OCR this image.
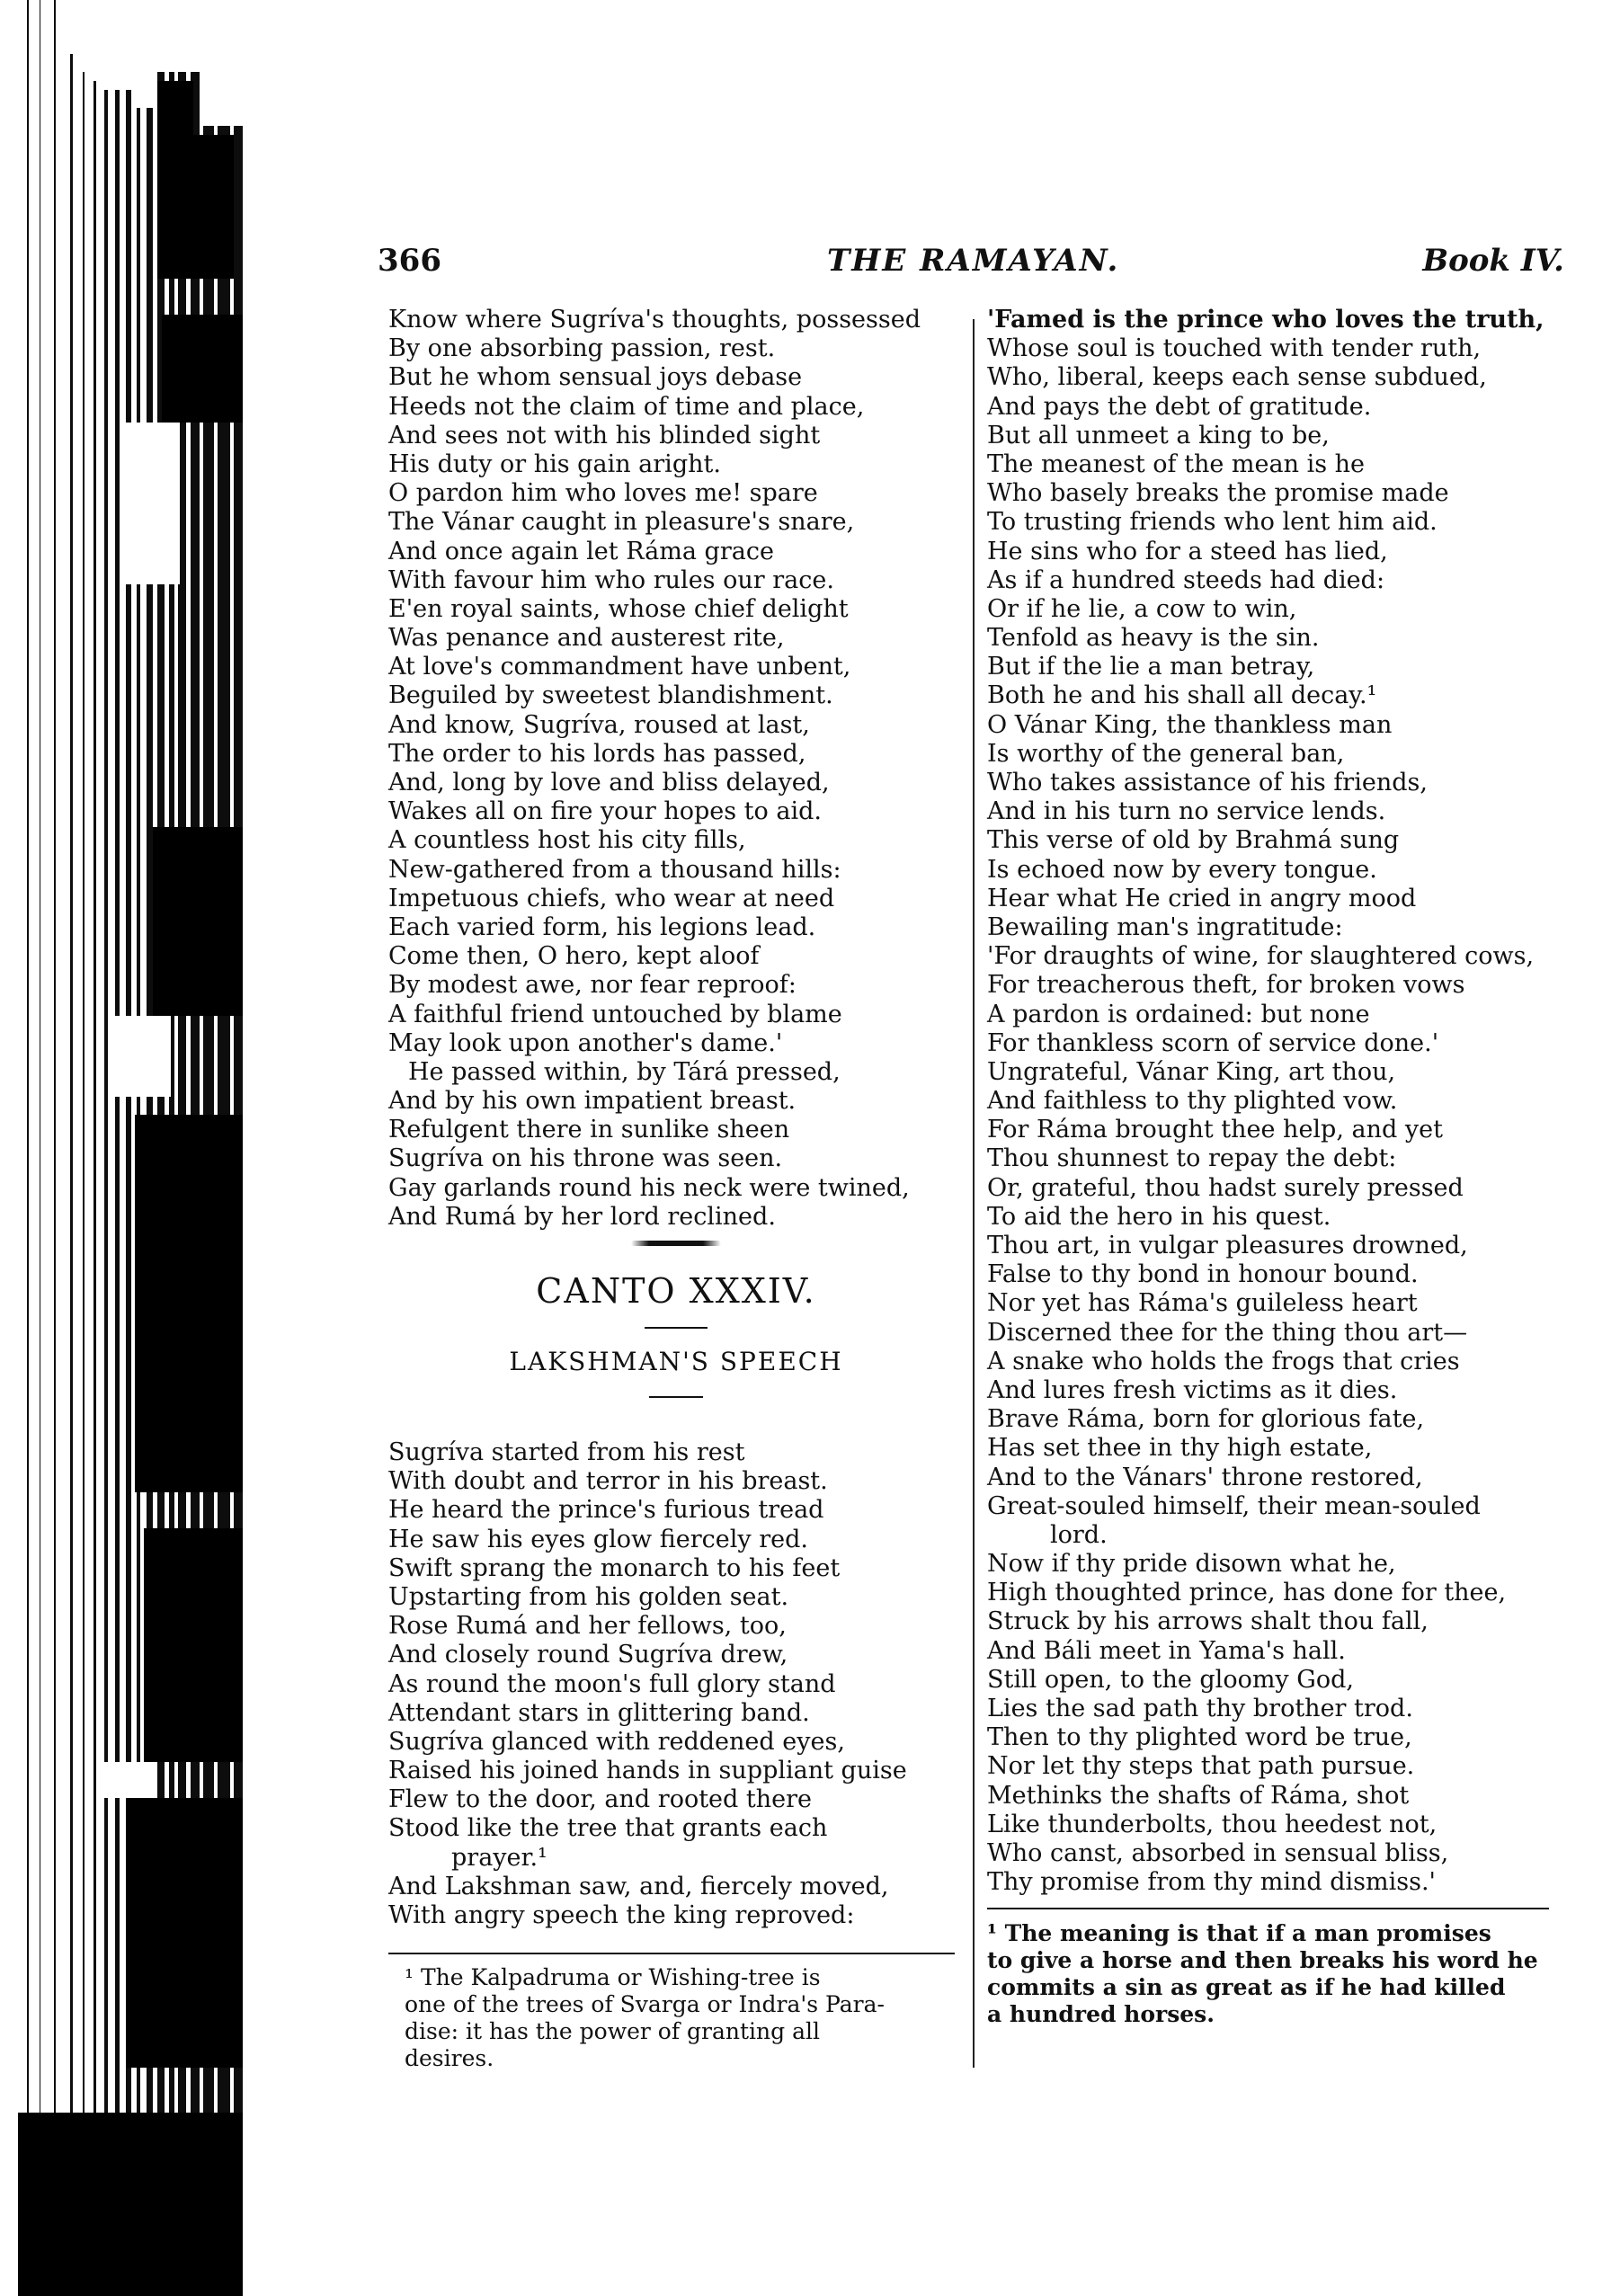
366	THE RAMAYAN.	Book IV.
Know where Sugríva's thoughts, possessed
By one absorbing passion, rest.
But he whom sensual joys debase
Heeds not the claim of time and place,
And sees not with his blinded sight
His duty or his gain aright.
O pardon him who loves me! spare
The Vánar caught in pleasure's snare,
And once again let Ráma grace
With favour him who rules our race.
E'en royal saints, whose chief delight
Was penance and austerest rite,
At love's commandment have unbent,
Beguiled by sweetest blandishment.
And know, Sugríva, roused at last,
The order to his lords has passed,
And, long by love and bliss delayed,
Wakes all on fire your hopes to aid.
A countless host his city fills,
New-gathered from a thousand hills:
Impetuous chiefs, who wear at need
Each varied form, his legions lead.
Come then, O hero, kept aloof
By modest awe, nor fear reproof:
A faithful friend untouched by blame
May look upon another's dame.'
He passed within, by Tárá pressed,
And by his own impatient breast.
Refulgent there in sunlike sheen
Sugríva on his throne was seen.
Gay garlands round his neck were twined,
And Rumá by her lord reclined.
CANTO XXXIV.
LAKSHMAN'S SPEECH
Sugríva started from his rest
With doubt and terror in his breast.
He heard the prince's furious tread
He saw his eyes glow fiercely red.
Swift sprang the monarch to his feet
Upstarting from his golden seat.
Rose Rumá and her fellows, too,
And closely round Sugríva drew,
As round the moon's full glory stand
Attendant stars in glittering band.
Sugríva glanced with reddened eyes,
Raised his joined hands in suppliant guise
Flew to the door, and rooted there
Stood like the tree that grants each
prayer.¹
And Lakshman saw, and, fiercely moved,
With angry speech the king reproved:
¹ The Kalpadruma or Wishing-tree is
one of the trees of Svarga or Indra's Para-
dise: it has the power of granting all
desires.
'Famed is the prince who loves the truth,
Whose soul is touched with tender ruth,
Who, liberal, keeps each sense subdued,
And pays the debt of gratitude.
But all unmeet a king to be,
The meanest of the mean is he
Who basely breaks the promise made
To trusting friends who lent him aid.
He sins who for a steed has lied,
As if a hundred steeds had died:
Or if he lie, a cow to win,
Tenfold as heavy is the sin.
But if the lie a man betray,
Both he and his shall all decay.¹
O Vánar King, the thankless man
Is worthy of the general ban,
Who takes assistance of his friends,
And in his turn no service lends.
This verse of old by Brahmá sung
Is echoed now by every tongue.
Hear what He cried in angry mood
Bewailing man's ingratitude:
'For draughts of wine, for slaughtered cows,
For treacherous theft, for broken vows
A pardon is ordained: but none
For thankless scorn of service done.'
Ungrateful, Vánar King, art thou,
And faithless to thy plighted vow.
For Ráma brought thee help, and yet
Thou shunnest to repay the debt:
Or, grateful, thou hadst surely pressed
To aid the hero in his quest.
Thou art, in vulgar pleasures drowned,
False to thy bond in honour bound.
Nor yet has Ráma's guileless heart
Discerned thee for the thing thou art—
A snake who holds the frogs that cries
And lures fresh victims as it dies.
Brave Ráma, born for glorious fate,
Has set thee in thy high estate,
And to the Vánars' throne restored,
Great-souled himself, their mean-souled
lord.
Now if thy pride disown what he,
High thoughted prince, has done for thee,
Struck by his arrows shalt thou fall,
And Báli meet in Yama's hall.
Still open, to the gloomy God,
Lies the sad path thy brother trod.
Then to thy plighted word be true,
Nor let thy steps that path pursue.
Methinks the shafts of Ráma, shot
Like thunderbolts, thou heedest not,
Who canst, absorbed in sensual bliss,
Thy promise from thy mind dismiss.'
¹ The meaning is that if a man promises
to give a horse and then breaks his word he
commits a sin as great as if he had killed
a hundred horses.
